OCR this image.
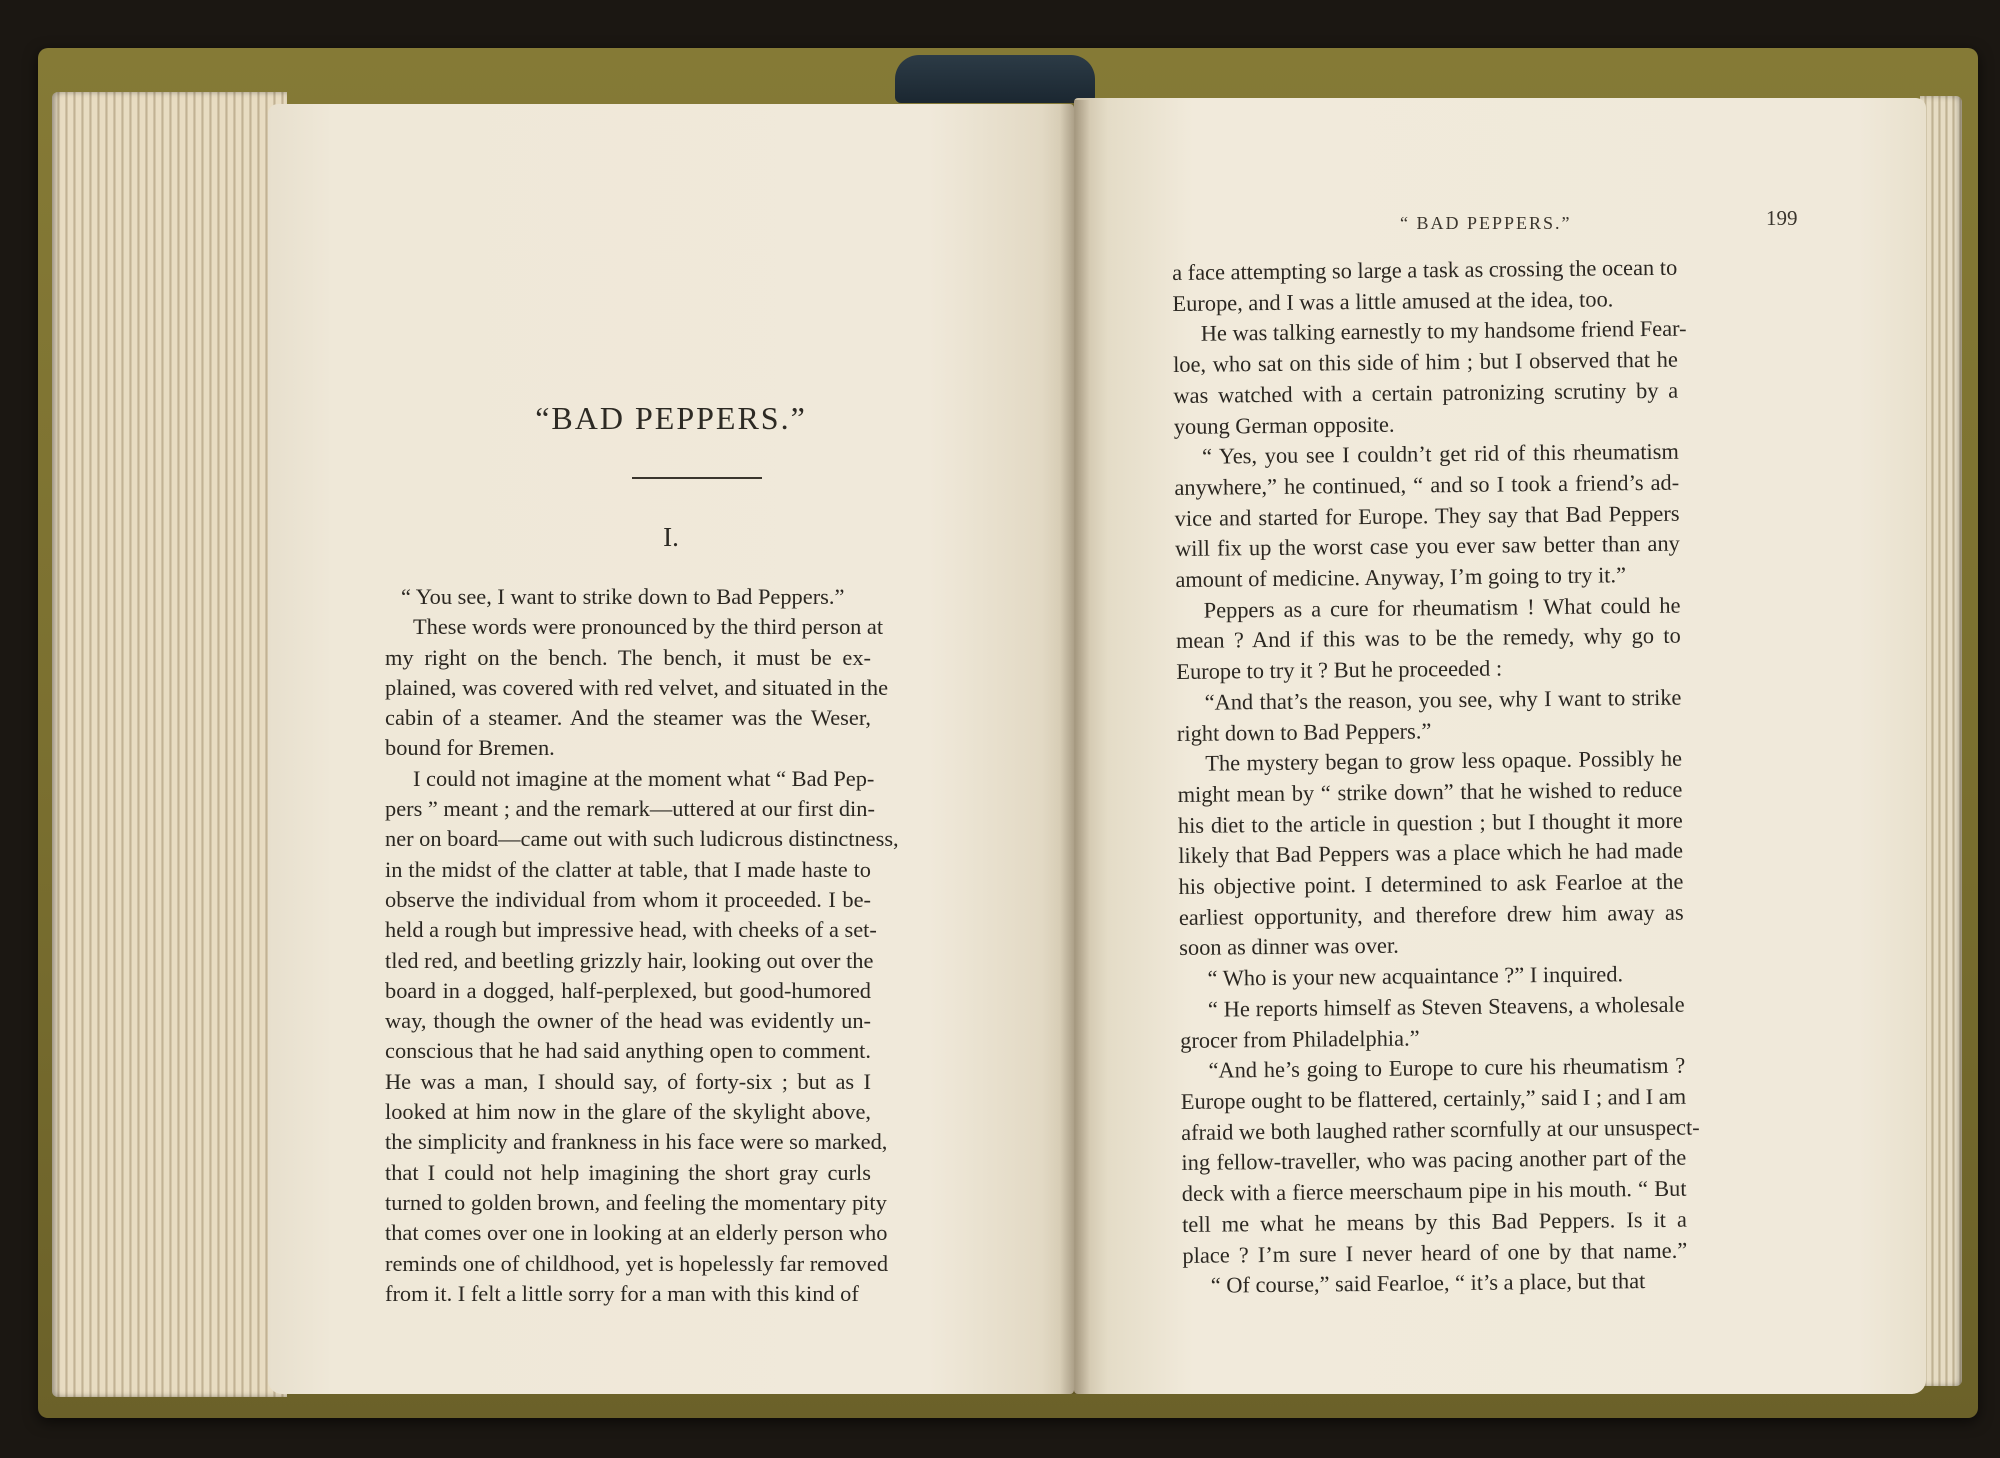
“BAD PEPPERS.”
I.
“ You see, I want to strike down to Bad Peppers.”
These words were pronounced by the third person at
my right on the bench. The bench, it must be ex-
plained, was covered with red velvet, and situated in the
cabin of a steamer. And the steamer was the Weser,
bound for Bremen.
I could not imagine at the moment what “ Bad Pep-
pers ” meant ; and the remark—uttered at our first din-
ner on board—came out with such ludicrous distinctness,
in the midst of the clatter at table, that I made haste to
observe the individual from whom it proceeded. I be-
held a rough but impressive head, with cheeks of a set-
tled red, and beetling grizzly hair, looking out over the
board in a dogged, half-perplexed, but good-humored
way, though the owner of the head was evidently un-
conscious that he had said anything open to comment.
He was a man, I should say, of forty-six ; but as I
looked at him now in the glare of the skylight above,
the simplicity and frankness in his face were so marked,
that I could not help imagining the short gray curls
turned to golden brown, and feeling the momentary pity
that comes over one in looking at an elderly person who
reminds one of childhood, yet is hopelessly far removed
from it. I felt a little sorry for a man with this kind of
“ BAD PEPPERS.”	199
a face attempting so large a task as crossing the ocean to
Europe, and I was a little amused at the idea, too.
He was talking earnestly to my handsome friend Fear-
loe, who sat on this side of him ; but I observed that he
was watched with a certain patronizing scrutiny by a
young German opposite.
“ Yes, you see I couldn’t get rid of this rheumatism
anywhere,” he continued, “ and so I took a friend’s ad-
vice and started for Europe. They say that Bad Peppers
will fix up the worst case you ever saw better than any
amount of medicine. Anyway, I’m going to try it.”
Peppers as a cure for rheumatism ! What could he
mean ? And if this was to be the remedy, why go to
Europe to try it ? But he proceeded :
“And that’s the reason, you see, why I want to strike
right down to Bad Peppers.”
The mystery began to grow less opaque. Possibly he
might mean by “ strike down” that he wished to reduce
his diet to the article in question ; but I thought it more
likely that Bad Peppers was a place which he had made
his objective point. I determined to ask Fearloe at the
earliest opportunity, and therefore drew him away as
soon as dinner was over.
“ Who is your new acquaintance ?” I inquired.
“ He reports himself as Steven Steavens, a wholesale
grocer from Philadelphia.”
“And he’s going to Europe to cure his rheumatism ?
Europe ought to be flattered, certainly,” said I ; and I am
afraid we both laughed rather scornfully at our unsuspect-
ing fellow-traveller, who was pacing another part of the
deck with a fierce meerschaum pipe in his mouth. “ But
tell me what he means by this Bad Peppers. Is it a
place ? I’m sure I never heard of one by that name.”
“ Of course,” said Fearloe, “ it’s a place, but that
